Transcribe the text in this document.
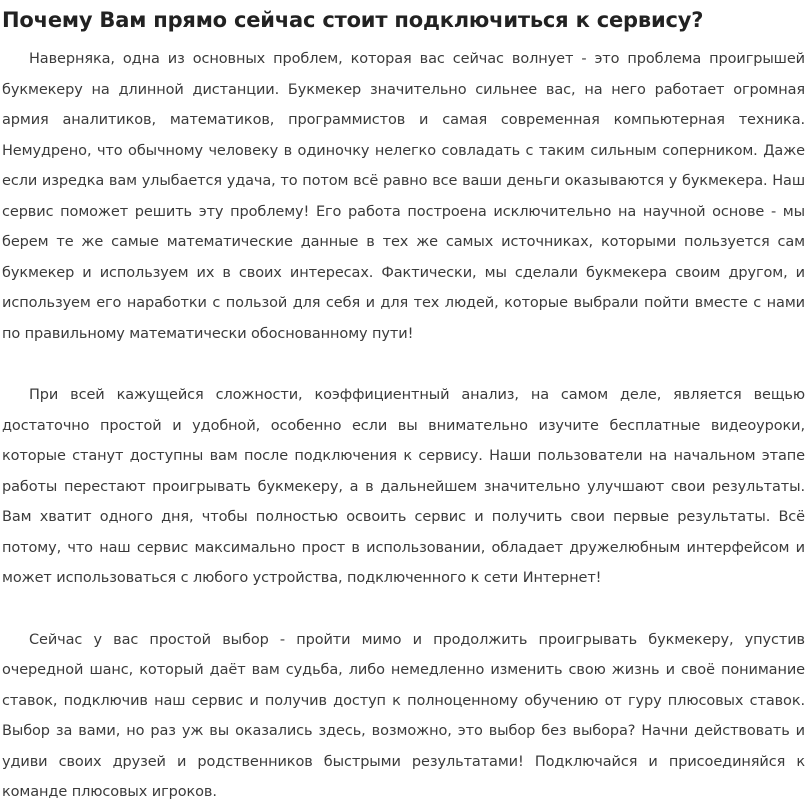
Почему Вам прямо сейчас стоит подключиться к сервису?

Наверняка, одна из основных проблем, которая вас сейчас волнует - это проблема проигрышей букмекеру на длинной дистанции. Букмекер значительно сильнее вас, на него работает огромная армия аналитиков, математиков, программистов и самая современная компьютерная техника. Немудрено, что обычному человеку в одиночку нелегко совладать с таким сильным соперником. Даже если изредка вам улыбается удача, то потом всё равно все ваши деньги оказываются у букмекера. Наш сервис поможет решить эту проблему! Его работа построена исключительно на научной основе - мы берем те же самые математические данные в тех же самых источниках, которыми пользуется сам букмекер и используем их в своих интересах. Фактически, мы сделали букмекера своим другом, и используем его наработки с пользой для себя и для тех людей, которые выбрали пойти вместе с нами по правильному математически обоснованному пути!

При всей кажущейся сложности, коэффициентный анализ, на самом деле, является вещью достаточно простой и удобной, особенно если вы внимательно изучите бесплатные видеоуроки, которые станут доступны вам после подключения к сервису. Наши пользователи на начальном этапе работы перестают проигрывать букмекеру, а в дальнейшем значительно улучшают свои результаты. Вам хватит одного дня, чтобы полностью освоить сервис и получить свои первые результаты. Всё потому, что наш сервис максимально прост в использовании, обладает дружелюбным интерфейсом и может использоваться с любого устройства, подключенного к сети Интернет!

Сейчас у вас простой выбор - пройти мимо и продолжить проигрывать букмекеру, упустив очередной шанс, который даёт вам судьба, либо немедленно изменить свою жизнь и своё понимание ставок, подключив наш сервис и получив доступ к полноценному обучению от гуру плюсовых ставок. Выбор за вами, но раз уж вы оказались здесь, возможно, это выбор без выбора? Начни действовать и удиви своих друзей и родственников быстрыми результатами! Подключайся и присоединяйся к команде плюсовых игроков.
